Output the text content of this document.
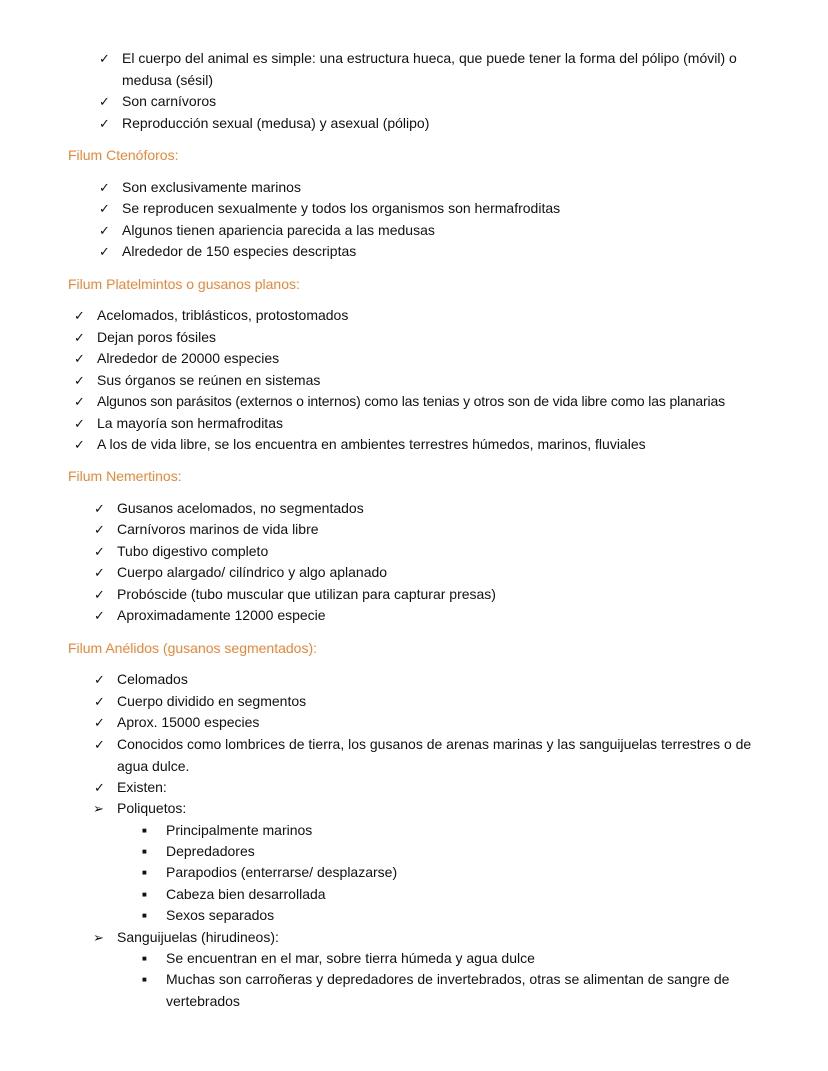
✓ El cuerpo del animal es simple: una estructura hueca, que puede tener la forma del pólipo (móvil) o medusa (sésil)
✓ Son carnívoros
✓ Reproducción sexual (medusa) y asexual (pólipo)
Filum Ctenóforos:
✓ Son exclusivamente marinos
✓ Se reproducen sexualmente y todos los organismos son hermafroditas
✓ Algunos tienen apariencia parecida a las medusas
✓ Alrededor de 150 especies descriptas
Filum Platelmintos o gusanos planos:
✓ Acelomados, triblásticos, protostomados
✓ Dejan poros fósiles
✓ Alrededor de 20000 especies
✓ Sus órganos se reúnen en sistemas
✓ Algunos son parásitos (externos o internos) como las tenias y otros son de vida libre como las planarias
✓ La mayoría son hermafroditas
✓ A los de vida libre, se los encuentra en ambientes terrestres húmedos, marinos, fluviales
Filum Nemertinos:
✓ Gusanos acelomados, no segmentados
✓ Carnívoros marinos de vida libre
✓ Tubo digestivo completo
✓ Cuerpo alargado/ cilíndrico y algo aplanado
✓ Probóscide (tubo muscular que utilizan para capturar presas)
✓ Aproximadamente 12000 especie
Filum Anélidos (gusanos segmentados):
✓ Celomados
✓ Cuerpo dividido en segmentos
✓ Aprox. 15000 especies
✓ Conocidos como lombrices de tierra, los gusanos de arenas marinas y las sanguijuelas terrestres o de agua dulce.
✓ Existen:
➢ Poliquetos:
■ Principalmente marinos
■ Depredadores
■ Parapodios (enterrarse/ desplazarse)
■ Cabeza bien desarrollada
■ Sexos separados
➢ Sanguijuelas (hirudineos):
■ Se encuentran en el mar, sobre tierra húmeda y agua dulce
■ Muchas son carroñeras y depredadores de invertebrados, otras se alimentan de sangre de vertebrados
